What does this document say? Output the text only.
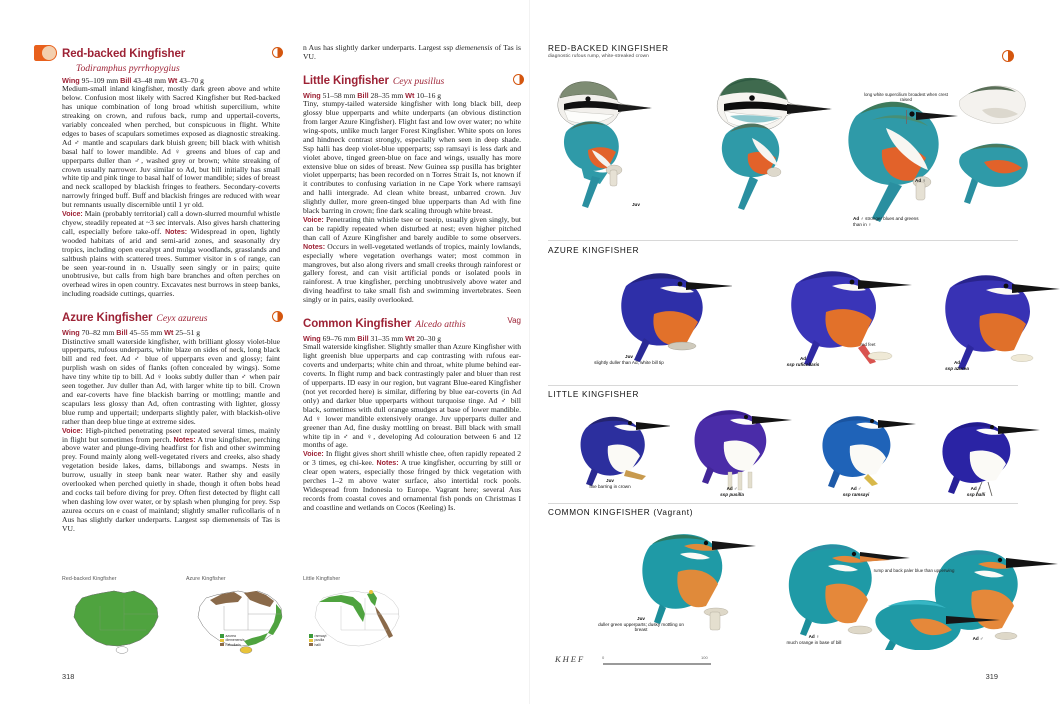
Red-backed Kingfisher
Todiramphus pyrrhopygius

Wing 95–109 mm Bill 43–48 mm Wt 43–70 g

Medium-small inland kingfisher, mostly dark green above and white below. Confusion most likely with Sacred Kingfisher but Red-backed has unique combination of long broad whitish supercilium, white streaking on crown, and rufous back, rump and uppertail-coverts, variably concealed when perched, but conspicuous in flight. White edges to bases of scapulars sometimes exposed as diagnostic streaking. Ad ♂ mantle and scapulars dark bluish green; bill black with whitish basal half to lower mandible. Ad ♀ greens and blues of cap and upperparts duller than ♂, washed grey or brown; white streaking of crown usually narrower. Juv similar to Ad, but bill initially has small white tip and pink tinge to basal half of lower mandible; sides of breast and neck scalloped by blackish fringes to feathers. Secondary-coverts narrowly fringed buff. Buff and blackish fringes are reduced with wear but remnants usually discernible until 1 yr old.

Voice: Main (probably territorial) call a down-slurred mournful whistle chyew, steadily repeated at ~3 sec intervals. Also gives harsh chattering call, especially before take-off. Notes: Widespread in open, lightly wooded habitats of arid and semi-arid zones, and seasonally dry tropics, including open eucalypt and mulga woodlands, grasslands and saltbush plains with scattered trees. Summer visitor in s of range, can be seen year-round in n. Usually seen singly or in pairs; quite unobtrusive, but calls from high bare branches and often perches on overhead wires in open country. Excavates nest burrows in steep banks, including roadside cuttings, quarries.

Azure Kingfisher Ceyx azureus

Wing 70–82 mm Bill 45–55 mm Wt 25–51 g

Distinctive small waterside kingfisher, with brilliant glossy violet-blue upperparts, rufous underparts, white blaze on sides of neck, long black bill and red feet. Ad ♂ blue of upperparts even and glossy; faint purplish wash on sides of flanks (often concealed by wings). Some have tiny white tip to bill. Ad ♀ looks subtly duller than ♂ when pair seen together. Juv duller than Ad, with larger white tip to bill. Crown and ear-coverts have fine blackish barring or mottling; mantle and scapulars less glossy than Ad, often contrasting with lighter, glossy blue rump and uppertail; underparts slightly paler, with blackish-olive rather than deep blue tinge at extreme sides.

Voice: High-pitched penetrating pseet repeated several times, mainly in flight but sometimes from perch. Notes: A true kingfisher, perching above water and plunge-diving headfirst for fish and other swimming prey. Found mainly along well-vegetated rivers and creeks, also shady vegetation beside lakes, dams, billabongs and swamps. Nests in burrow, usually in steep bank near water. Rather shy and easily overlooked when perched quietly in shade, though it often bobs head and cocks tail before diving for prey. Often first detected by flight call when dashing low over water, or by splash when plunging for prey. Ssp azurea occurs on e coast of mainland; slightly smaller ruficollaris of n Aus has slightly darker underparts. Largest ssp diemenensis of Tas is VU.

n Aus has slightly darker underparts. Largest ssp diemenensis of Tas is VU.

Little Kingfisher Ceyx pusillus

Wing 51–58 mm Bill 28–35 mm Wt 10–16 g

Tiny, stumpy-tailed waterside kingfisher with long black bill, deep glossy blue upperparts and white underparts (an obvious distinction from larger Azure Kingfisher). Flight fast and low over water; no white wing-spots, unlike much larger Forest Kingfisher. White spots on lores and hindneck contrast strongly, especially when seen in deep shade. Ssp halli has deep violet-blue upperparts; ssp ramsayi is less dark and violet above, tinged green-blue on face and wings, usually has more extensive blue on sides of breast. New Guinea ssp pusilla has brighter violet upperparts; has been recorded on n Torres Strait Is, not known if it contributes to confusing variation in ne Cape York where ramsayi and halli intergrade. Ad clean white breast, unbarred crown. Juv slightly duller, more green-tinged blue upperparts than Ad with fine black barring in crown; fine dark scaling through white breast.

Voice: Penetrating thin whistle tsee or tseeip, usually given singly, but can be rapidly repeated when disturbed at nest; even higher pitched than call of Azure Kingfisher and barely audible to some observers. Notes: Occurs in well-vegetated wetlands of tropics, mainly lowlands, especially where vegetation overhangs water; most common in mangroves, but also along rivers and small creeks through rainforest or gallery forest, and can visit artificial ponds or isolated pools in rainforest. A true kingfisher, perching unobtrusively above water and diving headfirst to take small fish and swimming invertebrates. Seen singly or in pairs, easily overlooked.

Common Kingfisher Alcedo atthis	Vag

Wing 69–76 mm Bill 31–35 mm Wt 20–30 g

Small waterside kingfisher. Slightly smaller than Azure Kingfisher with light greenish blue upperparts and cap contrasting with rufous ear-coverts and underparts; white chin and throat, white plume behind ear-coverts. In flight rump and back contrastingly paler and bluer than rest of upperparts. ID easy in our region, but vagrant Blue-eared Kingfisher (not yet recorded here) is similar, differing by blue ear-coverts (in Ad only) and darker blue upperparts without turquoise tinge. Ad ♂ bill black, sometimes with dull orange smudges at base of lower mandible. Ad ♀ lower mandible extensively orange. Juv upperparts duller and greener than Ad, fine dusky mottling on breast. Bill black with small white tip in ♂ and ♀, developing Ad colouration between 6 and 12 months of age.

Voice: In flight gives short shrill whistle chee, often rapidly repeated 2 or 3 times, eg chi-kee. Notes: A true kingfisher, occurring by still or clear open waters, especially those fringed by thick vegetation with perches 1–2 m above water surface, also intertidal rock pools. Widespread from Indonesia to Europe. Vagrant here; several Aus records from coastal coves and ornamental fish ponds on Christmas I and coastline and wetlands on Cocos (Keeling) Is.

Red-backed Kingfisher	Azure Kingfisher
azurea
diemenensis
ruficollaris
Little Kingfisher
ramsayi
pusilla
halli
318
RED-BACKED KINGFISHER
diagnostic rufous rump, white-streaked crown
Juv
Ad ♀
Ad ♂ stronger blues and greens than in ♀
long white supercilium broadest when crest raised
AZURE KINGFISHER
Juv
slightly duller than Ad; white bill tip
Ad
ssp ruficollaris	Ad
ssp azurea
red feet
LITTLE KINGFISHER
Juv
fine barring in crown	Ad ♂
ssp pusilla
Ad ♂
ssp ramsayi
Ad ♂
ssp halli
COMMON KINGFISHER (Vagrant)
Juv
duller green upperparts; dusky mottling on breast
Ad ♀
much orange in base of bill
Ad ♂
rump and back paler blue than upperwing
KHEF	0	100
319
